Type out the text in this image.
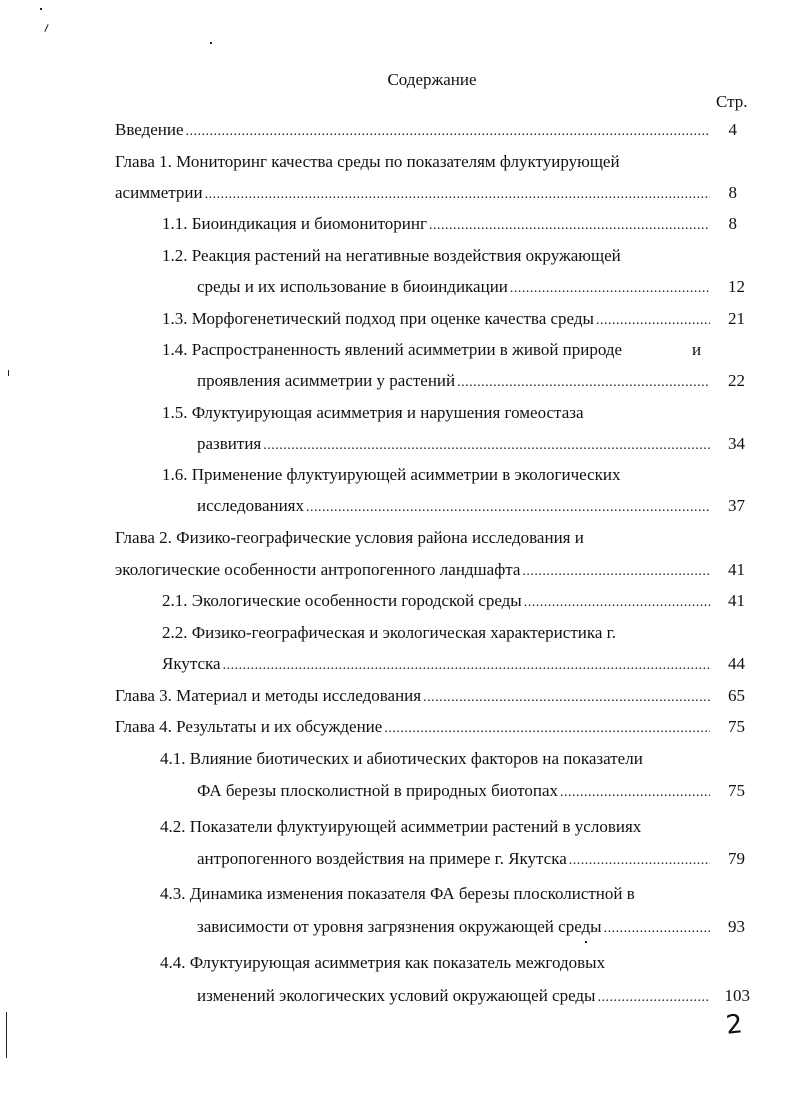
Содержание
Стр.
Введение .....	4
Глава 1. Мониторинг качества среды по показателям флуктуирующей
асимметрии .....	8
1.1. Биоиндикация и биомониторинг .....	8
1.2. Реакция растений на негативные воздействия окружающей
среды и их использование в биоиндикации .....	12
1.3. Морфогенетический подход при оценке качества среды .....	21
1.4. Распространенность явлений асимметрии в живой природе	и
проявления асимметрии у растений .....	22
1.5. Флуктуирующая асимметрия и нарушения гомеостаза
развития .....	34
1.6. Применение флуктуирующей асимметрии в экологических
исследованиях .....	37
Глава 2. Физико-географические условия района исследования и
экологические особенности антропогенного ландшафта .....	41
2.1. Экологические особенности городской среды .....	41
2.2. Физико-географическая и экологическая характеристика г.
Якутска .....	44
Глава 3. Материал и методы исследования .....	65
Глава 4. Результаты и их обсуждение .....	75
4.1. Влияние биотических и абиотических факторов на показатели
ФА березы плосколистной в природных биотопах .....	75
4.2. Показатели флуктуирующей асимметрии растений в условиях
антропогенного воздействия на примере г. Якутска .....	79
4.3. Динамика изменения показателя ФА березы плосколистной в
зависимости от уровня загрязнения окружающей среды .....	93
4.4. Флуктуирующая асимметрия как показатель межгодовых
изменений экологических условий окружающей среды .....	103
2
